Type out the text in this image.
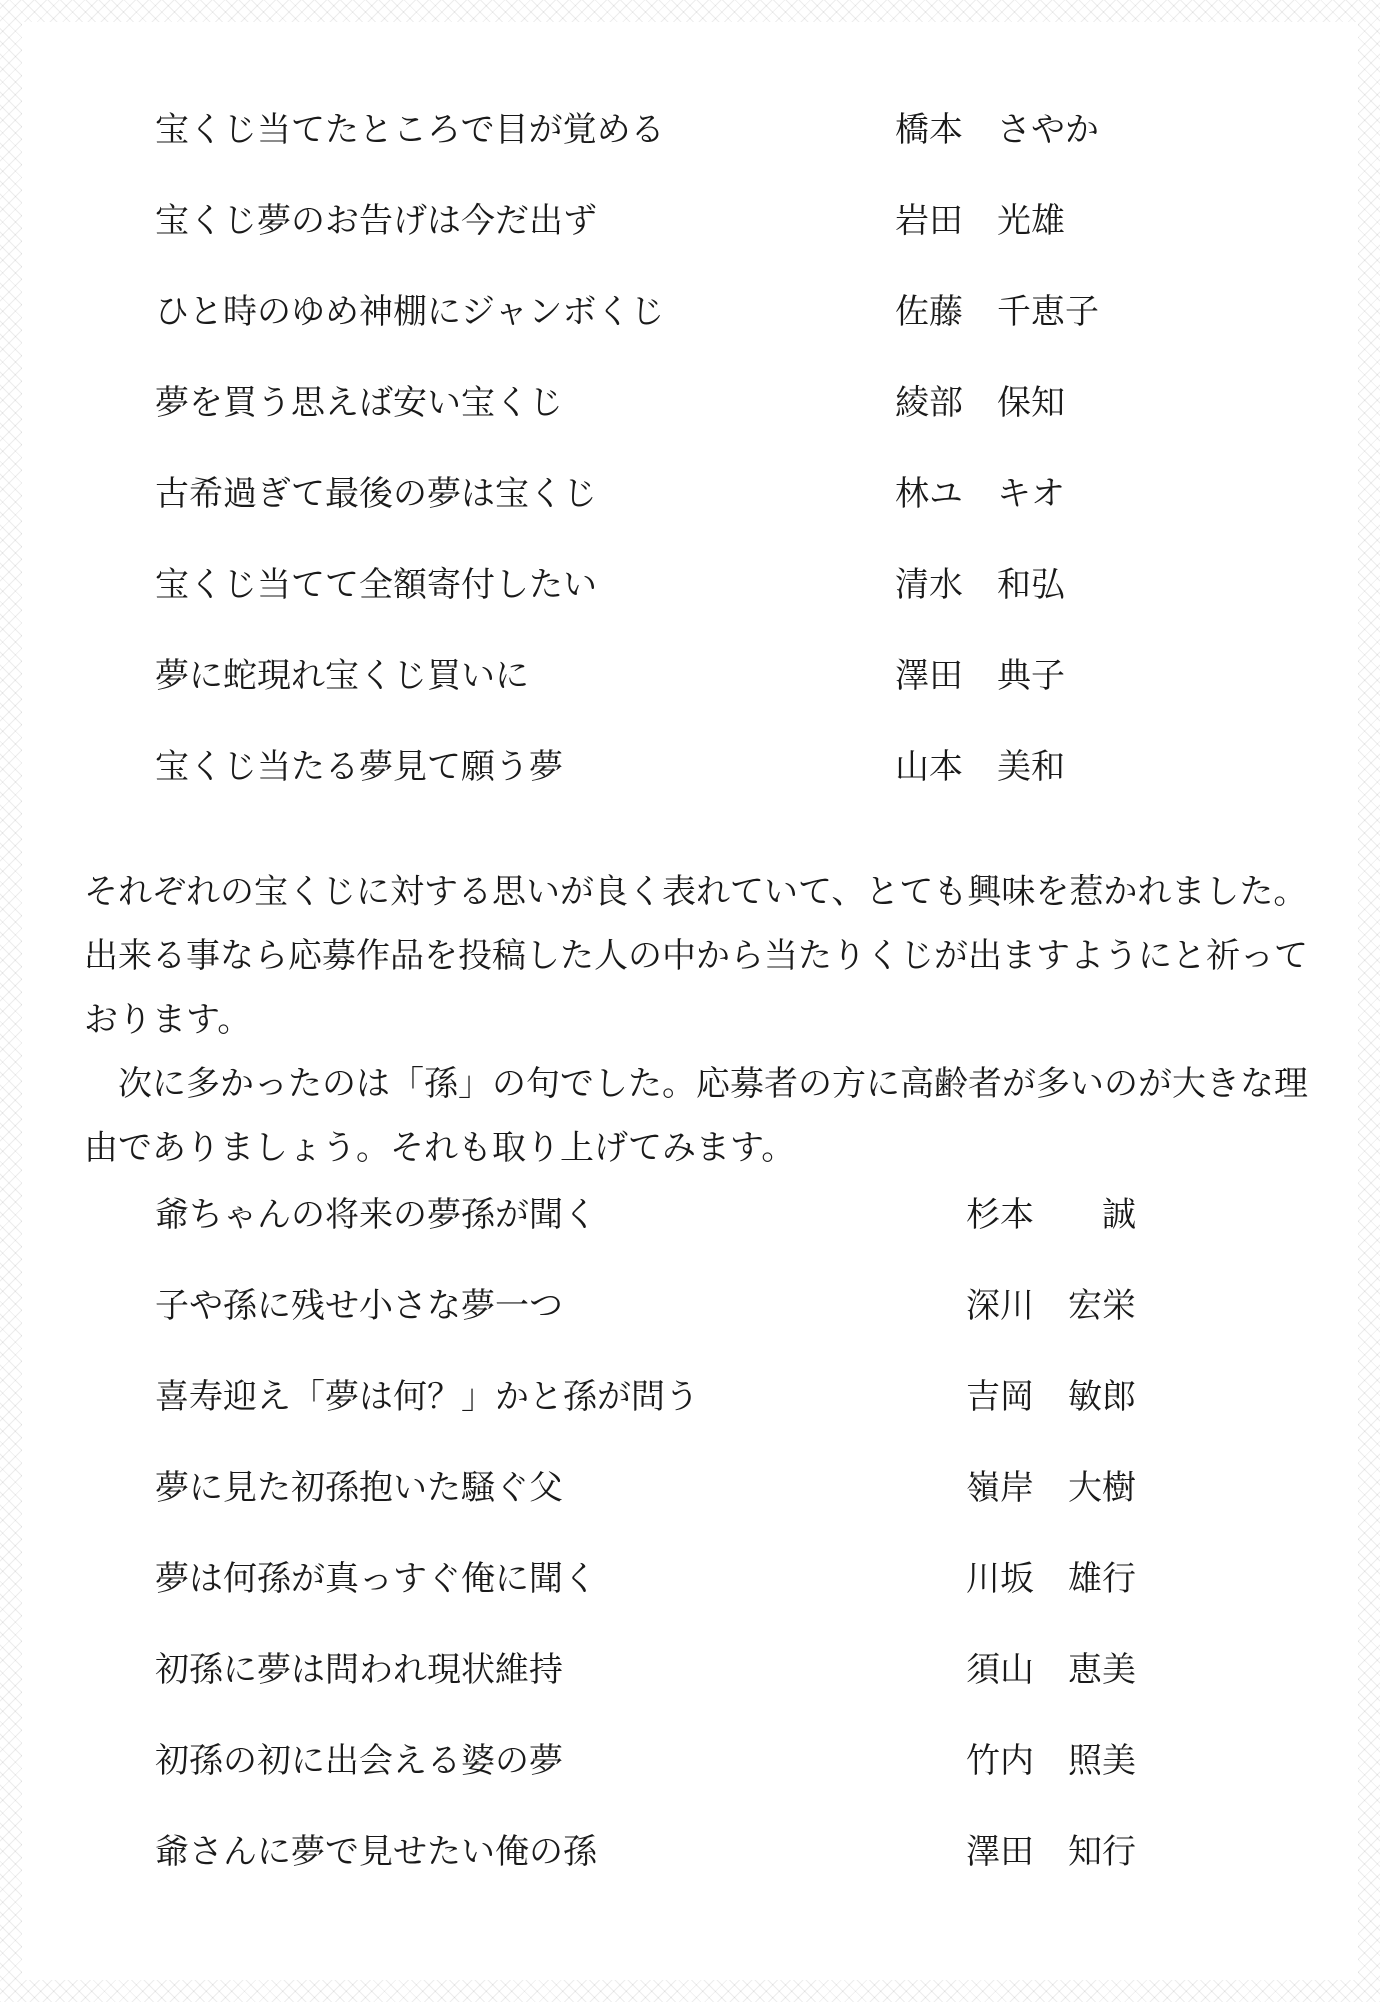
宝くじ当てたところで目が覚める	橋本　さやか
宝くじ夢のお告げは今だ出ず	岩田　光雄
ひと時のゆめ神棚にジャンボくじ	佐藤　千恵子
夢を買う思えば安い宝くじ	綾部　保知
古希過ぎて最後の夢は宝くじ	林ユ　キオ
宝くじ当てて全額寄付したい	清水　和弘
夢に蛇現れ宝くじ買いに	澤田　典子
宝くじ当たる夢見て願う夢	山本　美和

それぞれの宝くじに対する思いが良く表れていて、とても興味を惹かれました。出来る事なら応募作品を投稿した人の中から当たりくじが出ますようにと祈っております。

　次に多かったのは「孫」の句でした。応募者の方に高齢者が多いのが大きな理由でありましょう。それも取り上げてみます。

爺ちゃんの将来の夢孫が聞く	杉本　　誠
子や孫に残せ小さな夢一つ	深川　宏栄
喜寿迎え「夢は何？」かと孫が問う	吉岡　敏郎
夢に見た初孫抱いた騒ぐ父	嶺岸　大樹
夢は何孫が真っすぐ俺に聞く	川坂　雄行
初孫に夢は問われ現状維持	須山　恵美
初孫の初に出会える婆の夢	竹内　照美
爺さんに夢で見せたい俺の孫	澤田　知行
